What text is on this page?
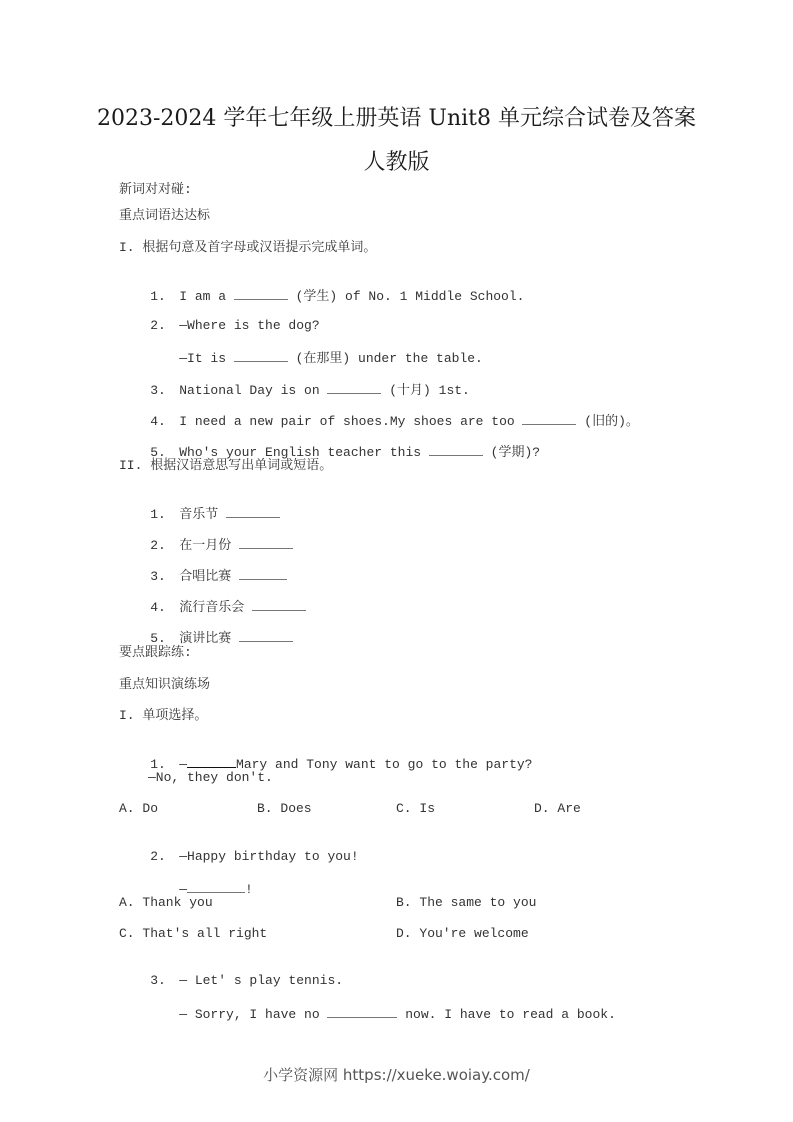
2023-2024 学年七年级上册英语 Unit8 单元综合试卷及答案
人教版
新词对对碰:
重点词语达达标
I. 根据句意及首字母或汉语提示完成单词。

1. I am a	(学生) of No. 1 Middle School.

2. —Where is the dog?

—It is	(在那里) under the table.

3. National Day is on	(十月) 1st.

4. I need a new pair of shoes.My shoes are too	(旧的)。

5. Who's your English teacher this	(学期)?

II. 根据汉语意思写出单词或短语。

1. 音乐节

2. 在一月份

3. 合唱比赛

4. 流行音乐会

5. 演讲比赛

要点跟踪练:
重点知识演练场
I. 单项选择。

1. —	Mary and Tony want to go to the party?

—No, they don't.
A. Do	B. Does	C. Is	D. Are

2. —Happy birthday to you!

—	!

A. Thank you	B. The same to you
C. That's all right	D. You're welcome

3. — Let' s play tennis.

— Sorry, I have no	now. I have to read a book.

小学资源网 https://xueke.woiay.com/
